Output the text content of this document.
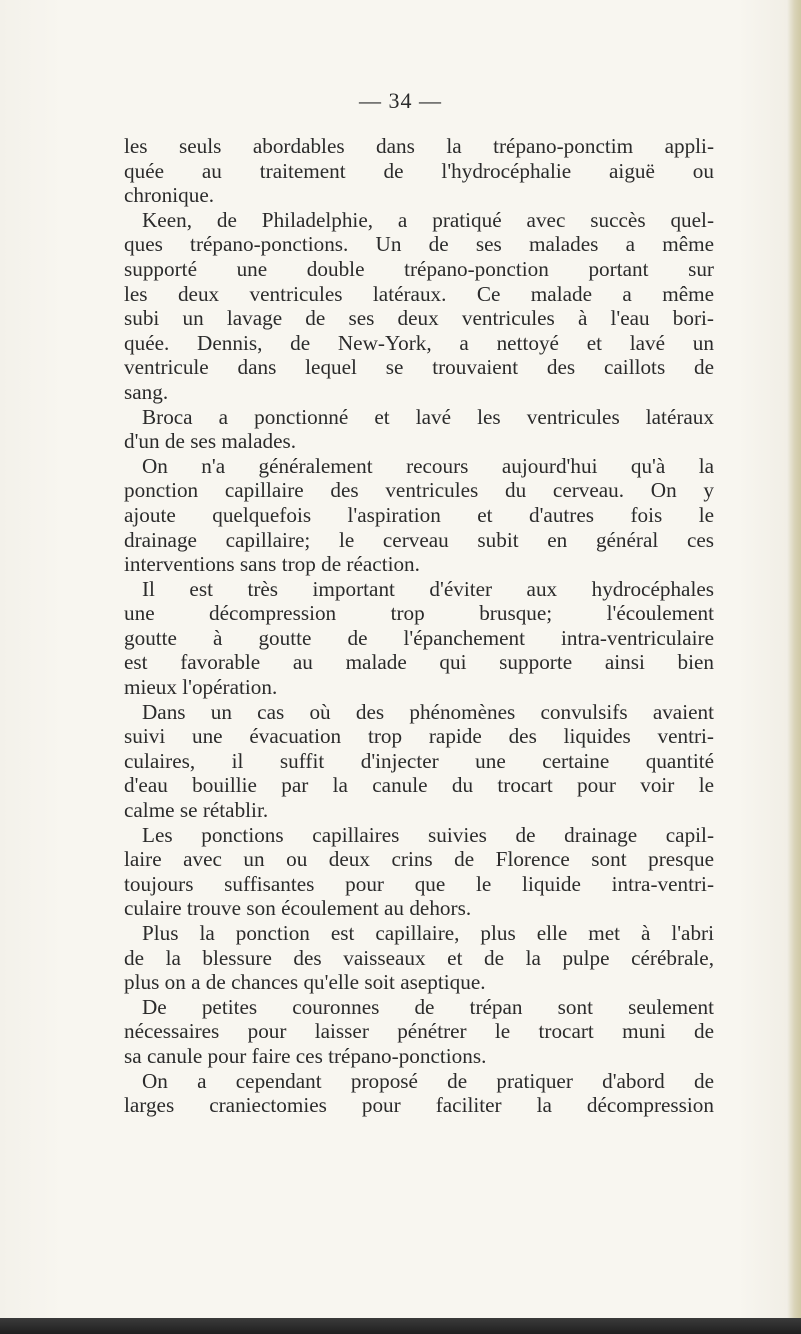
— 34 —
les seuls abordables dans la trépano-ponctim appli-
quée au traitement de l'hydrocéphalie aiguë ou
chronique.
Keen, de Philadelphie, a pratiqué avec succès quel-
ques trépano-ponctions. Un de ses malades a même
supporté une double trépano-ponction portant sur
les deux ventricules latéraux. Ce malade a même
subi un lavage de ses deux ventricules à l'eau bori-
quée. Dennis, de New-York, a nettoyé et lavé un
ventricule dans lequel se trouvaient des caillots de
sang.
Broca a ponctionné et lavé les ventricules latéraux
d'un de ses malades.
On n'a généralement recours aujourd'hui qu'à la
ponction capillaire des ventricules du cerveau. On y
ajoute quelquefois l'aspiration et d'autres fois le
drainage capillaire; le cerveau subit en général ces
interventions sans trop de réaction.
Il est très important d'éviter aux hydrocéphales
une décompression trop brusque; l'écoulement
goutte à goutte de l'épanchement intra-ventriculaire
est favorable au malade qui supporte ainsi bien
mieux l'opération.
Dans un cas où des phénomènes convulsifs avaient
suivi une évacuation trop rapide des liquides ventri-
culaires, il suffit d'injecter une certaine quantité
d'eau bouillie par la canule du trocart pour voir le
calme se rétablir.
Les ponctions capillaires suivies de drainage capil-
laire avec un ou deux crins de Florence sont presque
toujours suffisantes pour que le liquide intra-ventri-
culaire trouve son écoulement au dehors.
Plus la ponction est capillaire, plus elle met à l'abri
de la blessure des vaisseaux et de la pulpe cérébrale,
plus on a de chances qu'elle soit aseptique.
De petites couronnes de trépan sont seulement
nécessaires pour laisser pénétrer le trocart muni de
sa canule pour faire ces trépano-ponctions.
On a cependant proposé de pratiquer d'abord de
larges craniectomies pour faciliter la décompression
